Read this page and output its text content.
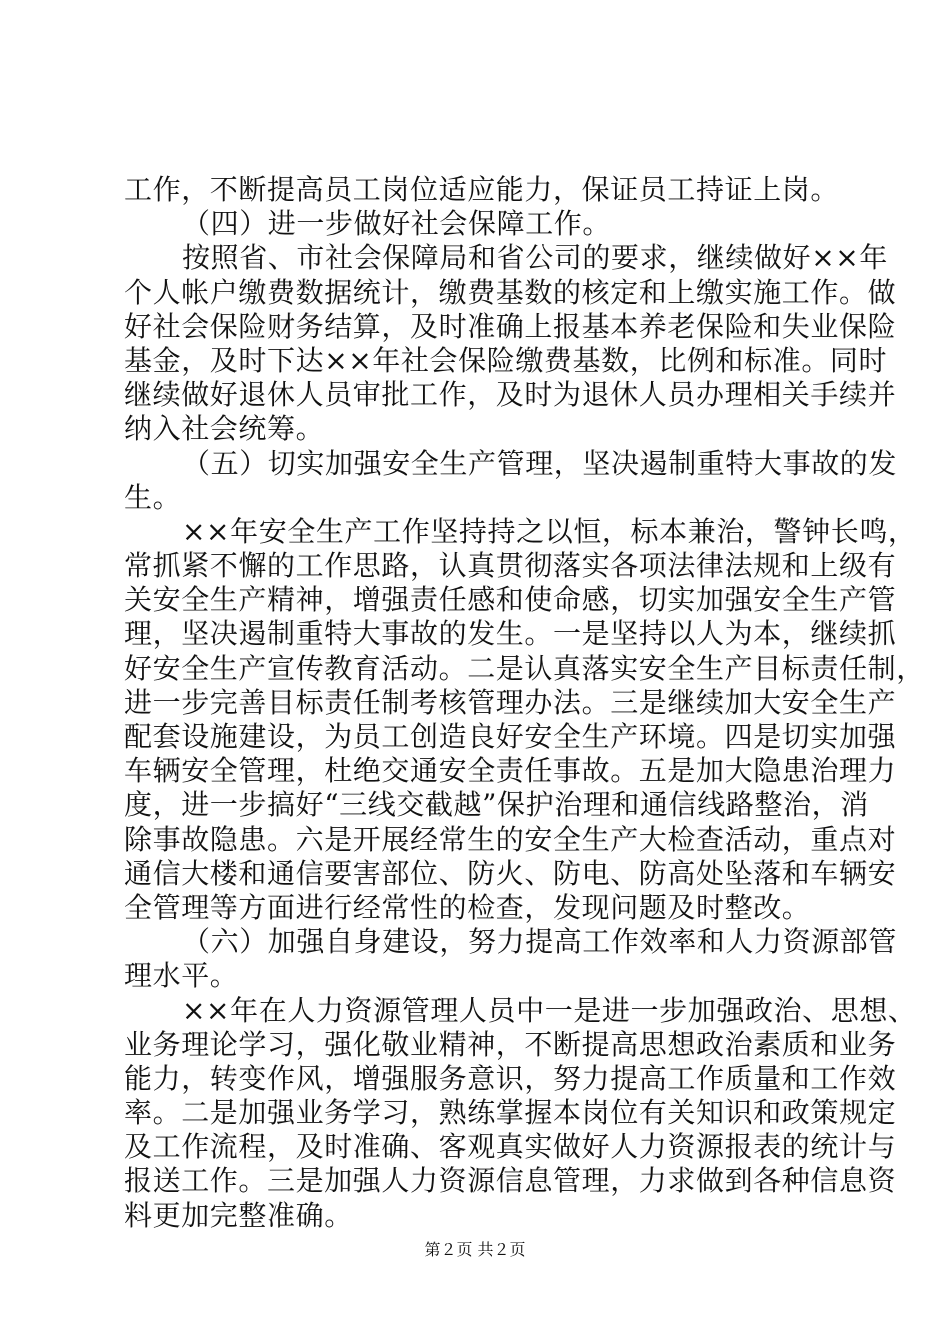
工作，不断提高员工岗位适应能力，保证员工持证上岗。
（四）进一步做好社会保障工作。
按照省、市社会保障局和省公司的要求，继续做好××年
个人帐户缴费数据统计，缴费基数的核定和上缴实施工作。做
好社会保险财务结算，及时准确上报基本养老保险和失业保险
基金，及时下达××年社会保险缴费基数，比例和标准。同时
继续做好退休人员审批工作，及时为退休人员办理相关手续并
纳入社会统筹。
（五）切实加强安全生产管理，坚决遏制重特大事故的发
生。
××年安全生产工作坚持持之以恒，标本兼治，警钟长鸣，
常抓紧不懈的工作思路，认真贯彻落实各项法律法规和上级有
关安全生产精神，增强责任感和使命感，切实加强安全生产管
理，坚决遏制重特大事故的发生。一是坚持以人为本，继续抓
好安全生产宣传教育活动。二是认真落实安全生产目标责任制，
进一步完善目标责任制考核管理办法。三是继续加大安全生产
配套设施建设，为员工创造良好安全生产环境。四是切实加强
车辆安全管理，杜绝交通安全责任事故。五是加大隐患治理力
度，进一步搞好“三线交截越”保护治理和通信线路整治，消
除事故隐患。六是开展经常生的安全生产大检查活动，重点对
通信大楼和通信要害部位、防火、防电、防高处坠落和车辆安
全管理等方面进行经常性的检查，发现问题及时整改。
（六）加强自身建设，努力提高工作效率和人力资源部管
理水平。
××年在人力资源管理人员中一是进一步加强政治、思想、
业务理论学习，强化敬业精神，不断提高思想政治素质和业务
能力，转变作风，增强服务意识，努力提高工作质量和工作效
率。二是加强业务学习，熟练掌握本岗位有关知识和政策规定
及工作流程，及时准确、客观真实做好人力资源报表的统计与
报送工作。三是加强人力资源信息管理，力求做到各种信息资
料更加完整准确。
第２页 共２页
